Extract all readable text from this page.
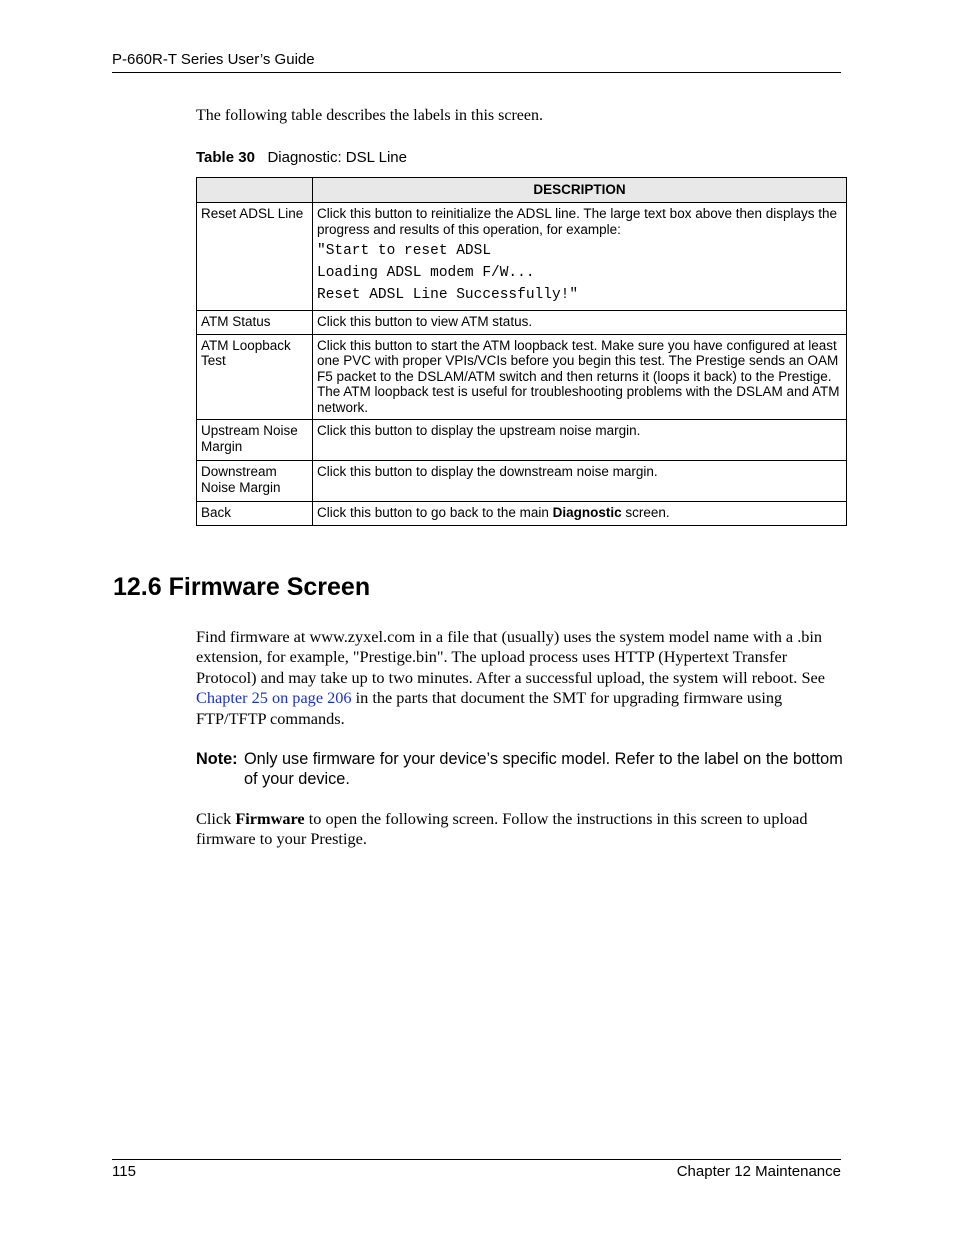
P-660R-T Series User’s Guide
The following table describes the labels in this screen.
Table 30 Diagnostic: DSL Line
	DESCRIPTION
Reset ADSL Line	Click this button to reinitialize the ADSL line. The large text box above then displays the progress and results of this operation, for example:
"Start to reset ADSL
Loading ADSL modem F/W...
Reset ADSL Line Successfully!"

ATM Status	Click this button to view ATM status.
ATM Loopback Test	Click this button to start the ATM loopback test. Make sure you have configured at least one PVC with proper VPIs/VCIs before you begin this test. The Prestige sends an OAM F5 packet to the DSLAM/ATM switch and then returns it (loops it back) to the Prestige. The ATM loopback test is useful for troubleshooting problems with the DSLAM and ATM network.
Upstream Noise Margin	Click this button to display the upstream noise margin.
Downstream Noise Margin	Click this button to display the downstream noise margin.
Back	Click this button to go back to the main Diagnostic screen.
12.6 Firmware Screen
Find firmware at www.zyxel.com in a file that (usually) uses the system model name with a .bin extension, for example, "Prestige.bin". The upload process uses HTTP (Hypertext Transfer Protocol) and may take up to two minutes. After a successful upload, the system will reboot. See Chapter 25 on page 206 in the parts that document the SMT for upgrading firmware using FTP/TFTP commands.
Note: Only use firmware for your device’s specific model. Refer to the label on the bottom of your device.
Click Firmware to open the following screen. Follow the instructions in this screen to upload firmware to your Prestige.
115	Chapter 12 Maintenance
